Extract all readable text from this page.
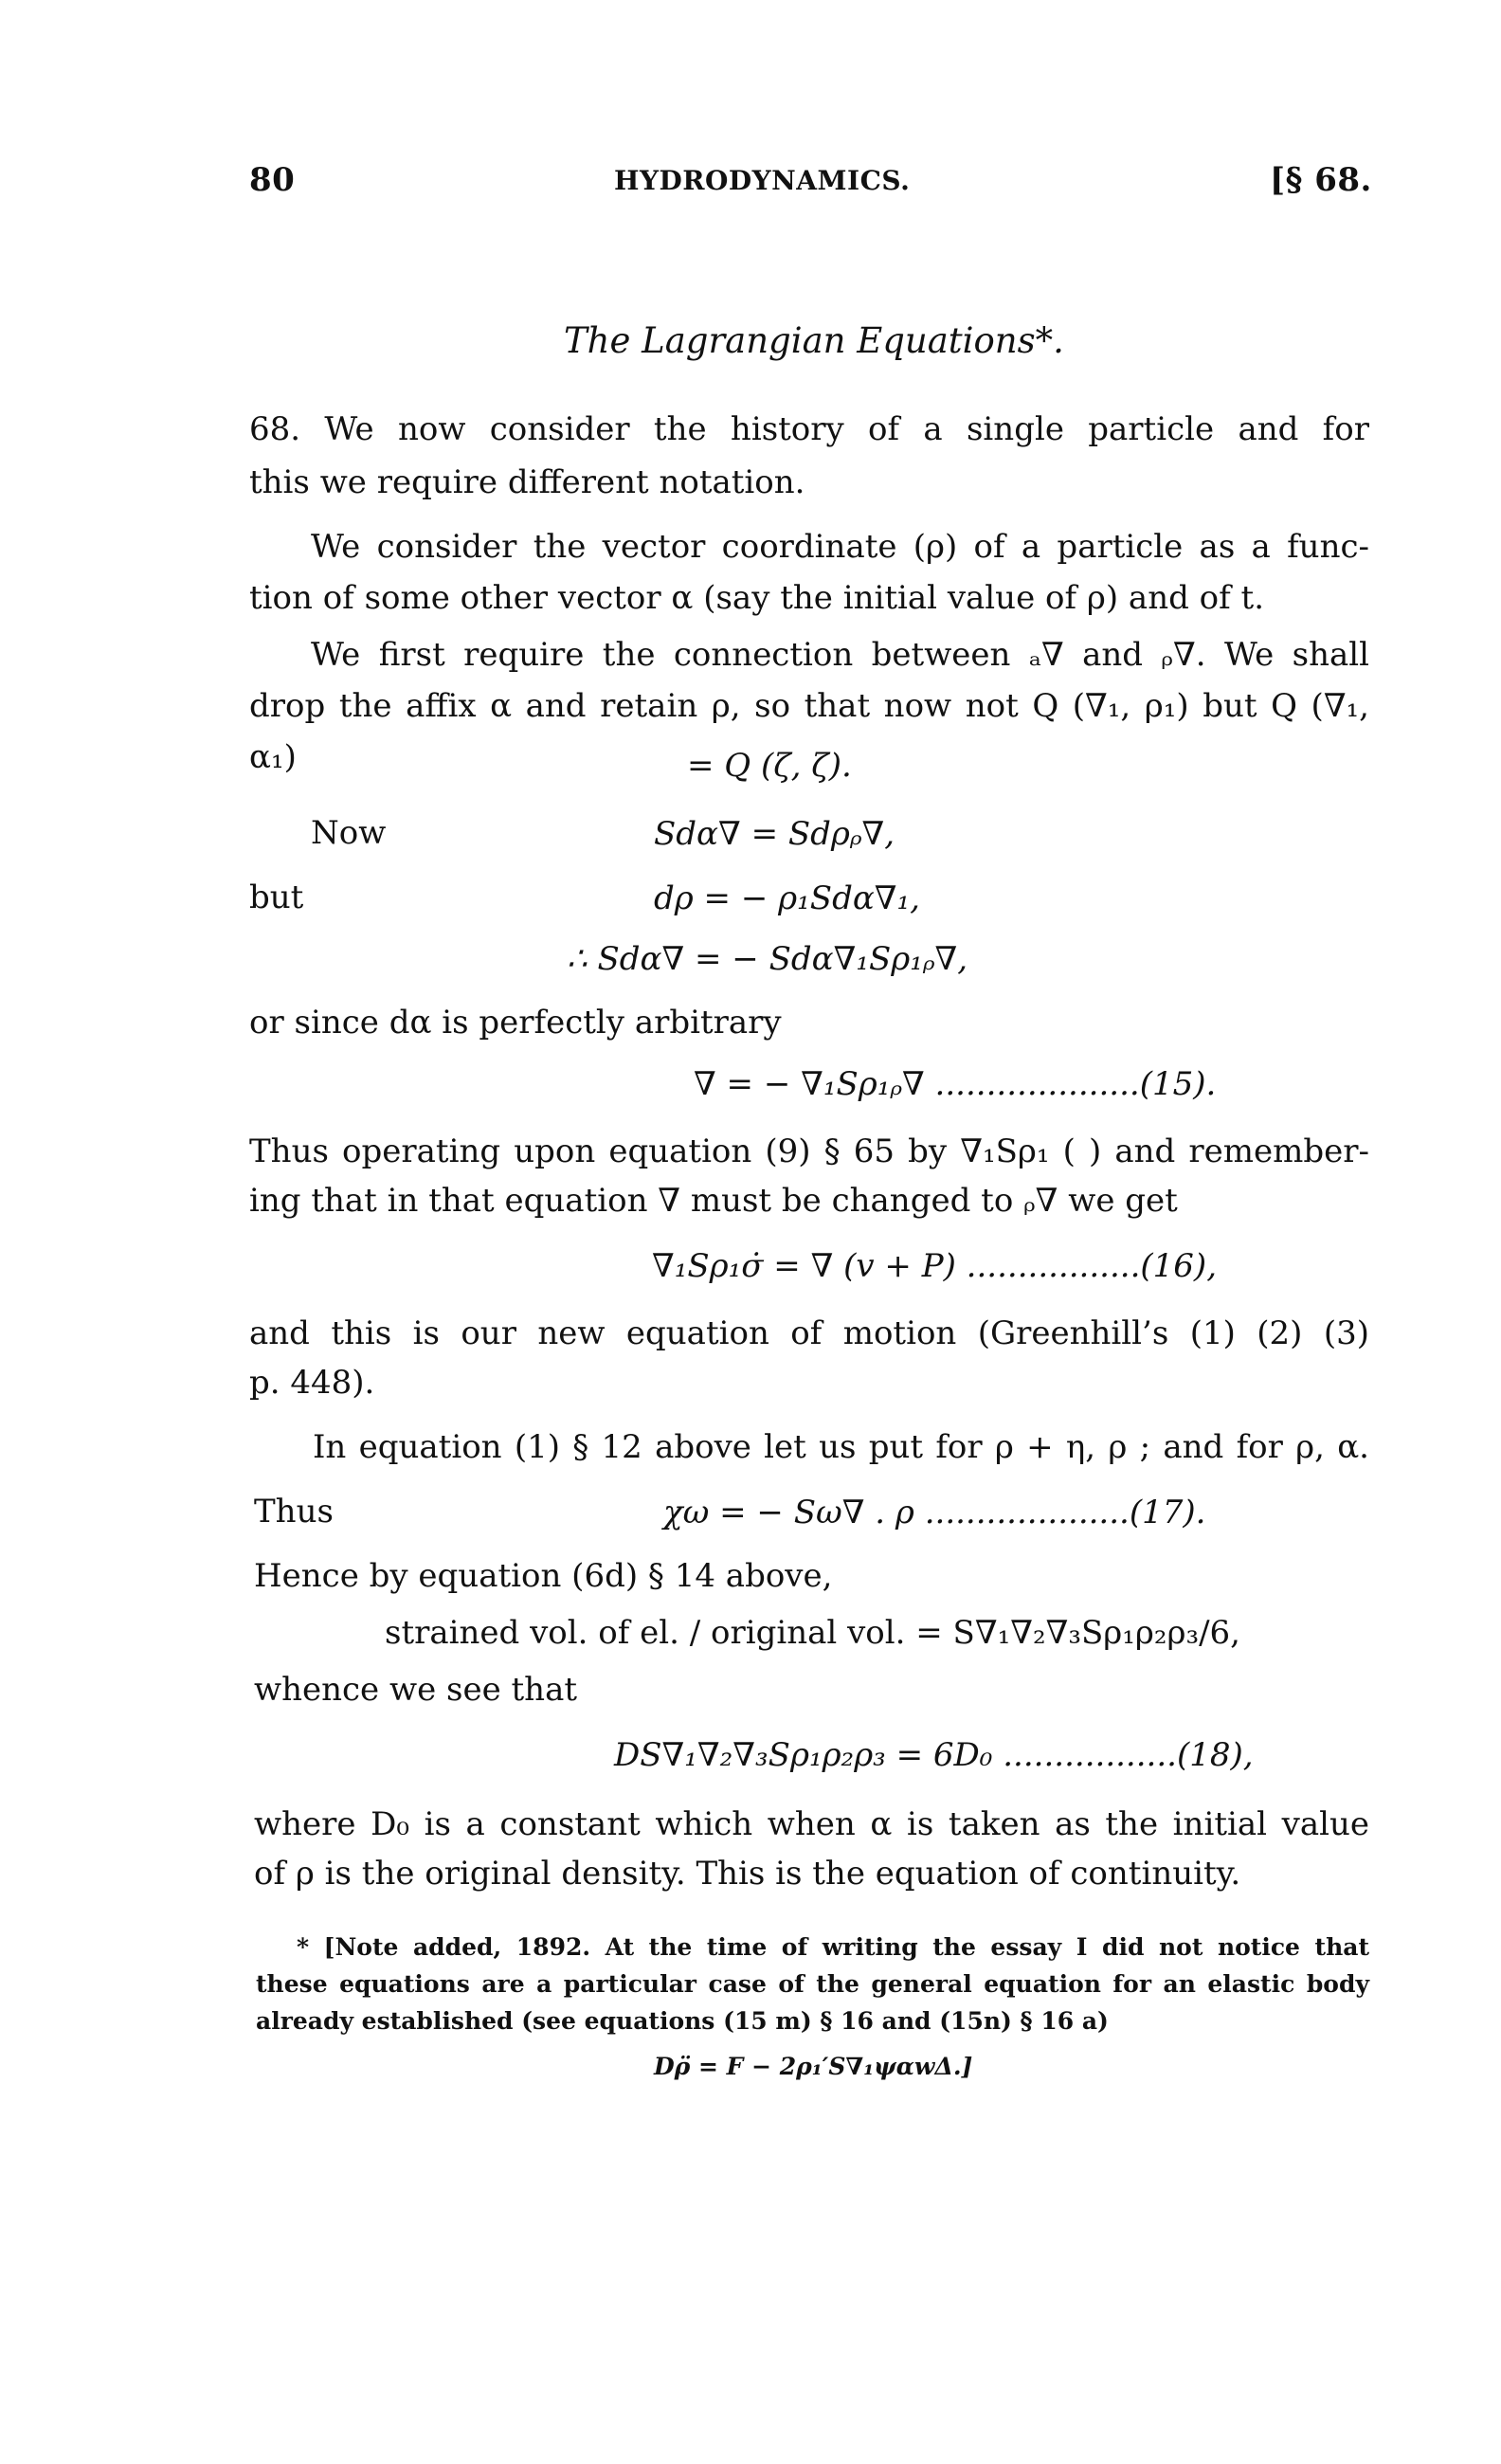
80	HYDRODYNAMICS.	[§ 68.
The Lagrangian Equations*.
68. We now consider the history of a single particle and for
this we require different notation.
We consider the vector coordinate (ρ) of a particle as a func-
tion of some other vector α (say the initial value of ρ) and of t.
We first require the connection between ₐ∇ and ᵨ∇. We shall
drop the affix α and retain ρ, so that now not Q (∇₁, ρ₁) but Q (∇₁, α₁)	= Q (ζ, ζ).
Now	Sdα∇ = Sdρᵨ∇,
but	dρ = − ρ₁Sdα∇₁,
∴ Sdα∇ = − Sdα∇₁Sρ₁ᵨ∇,
or since dα is perfectly arbitrary
∇ = − ∇₁Sρ₁ᵨ∇ ....................(15).
Thus operating upon equation (9) § 65 by ∇₁Sρ₁ ( ) and remember-
ing that in that equation ∇ must be changed to ᵨ∇ we get
∇₁Sρ₁σ̇ = ∇ (v + P) .................(16),
and this is our new equation of motion (Greenhill’s (1) (2) (3)
p. 448).
In equation (1) § 12 above let us put for ρ + η, ρ ; and for ρ, α.
Thus	χω = − Sω∇ . ρ ....................(17).
Hence by equation (6d) § 14 above,
strained vol. of el. / original vol. = S∇₁∇₂∇₃Sρ₁ρ₂ρ₃/6,
whence we see that
DS∇₁∇₂∇₃Sρ₁ρ₂ρ₃ = 6D₀ .................(18),
where D₀ is a constant which when α is taken as the initial value
of ρ is the original density. This is the equation of continuity.
* [Note added, 1892. At the time of writing the essay I did not notice that
these equations are a particular case of the general equation for an elastic body
already established (see equations (15 m) § 16 and (15n) § 16 a)
Dρ̈ = F − 2ρ₁′S∇₁ψɑwΔ.]
